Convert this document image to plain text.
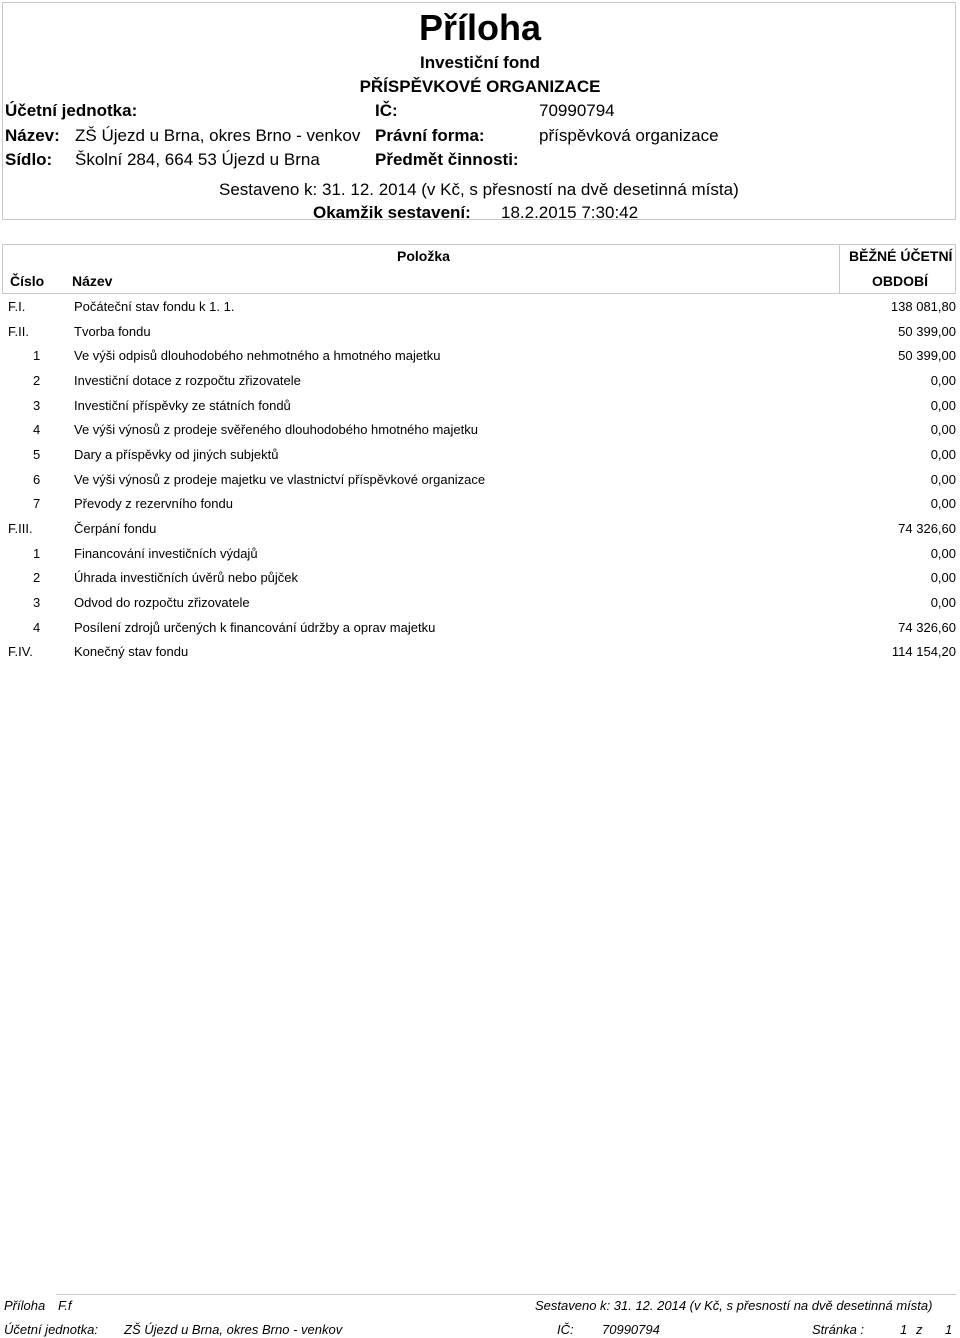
Příloha
Investiční fond
PŘÍSPĚVKOVÉ ORGANIZACE
Účetní jednotka:	IČ:	70990794
Název: ZŠ Újezd u Brna, okres Brno - venkov Právní forma:	příspěvková organizace
Sídlo: Školní 284, 664 53 Újezd u Brna	Předmět činnosti:
Sestaveno k: 31. 12. 2014 (v Kč, s přesností na dvě desetinná místa)
Okamžik sestavení: 18.2.2015 7:30:42
Položka
Číslo Název
BĚŽNÉ ÚČETNÍ
OBDOBÍ
F.I.	Počáteční stav fondu k 1. 1.	138 081,80
F.II.	Tvorba fondu	50 399,00
1	Ve výši odpisů dlouhodobého nehmotného a hmotného majetku	50 399,00
2	Investiční dotace z rozpočtu zřizovatele	0,00
3	Investiční příspěvky ze státních fondů	0,00
4	Ve výši výnosů z prodeje svěřeného dlouhodobého hmotného majetku	0,00
5	Dary a příspěvky od jiných subjektů	0,00
6	Ve výši výnosů z prodeje majetku ve vlastnictví příspěvkové organizace	0,00
7	Převody z rezervního fondu	0,00
F.III.	Čerpání fondu	74 326,60
1	Financování investičních výdajů	0,00
2	Úhrada investičních úvěrů nebo půjček	0,00
3	Odvod do rozpočtu zřizovatele	0,00
4	Posílení zdrojů určených k financování údržby a oprav majetku	74 326,60
F.IV.	Konečný stav fondu	114 154,20
Příloha F.f	Sestaveno k: 31. 12. 2014 (v Kč, s přesností na dvě desetinná místa)
Účetní jednotka: ZŠ Újezd u Brna, okres Brno - venkov	IČ: 70990794	Stránka :	1 z 1
